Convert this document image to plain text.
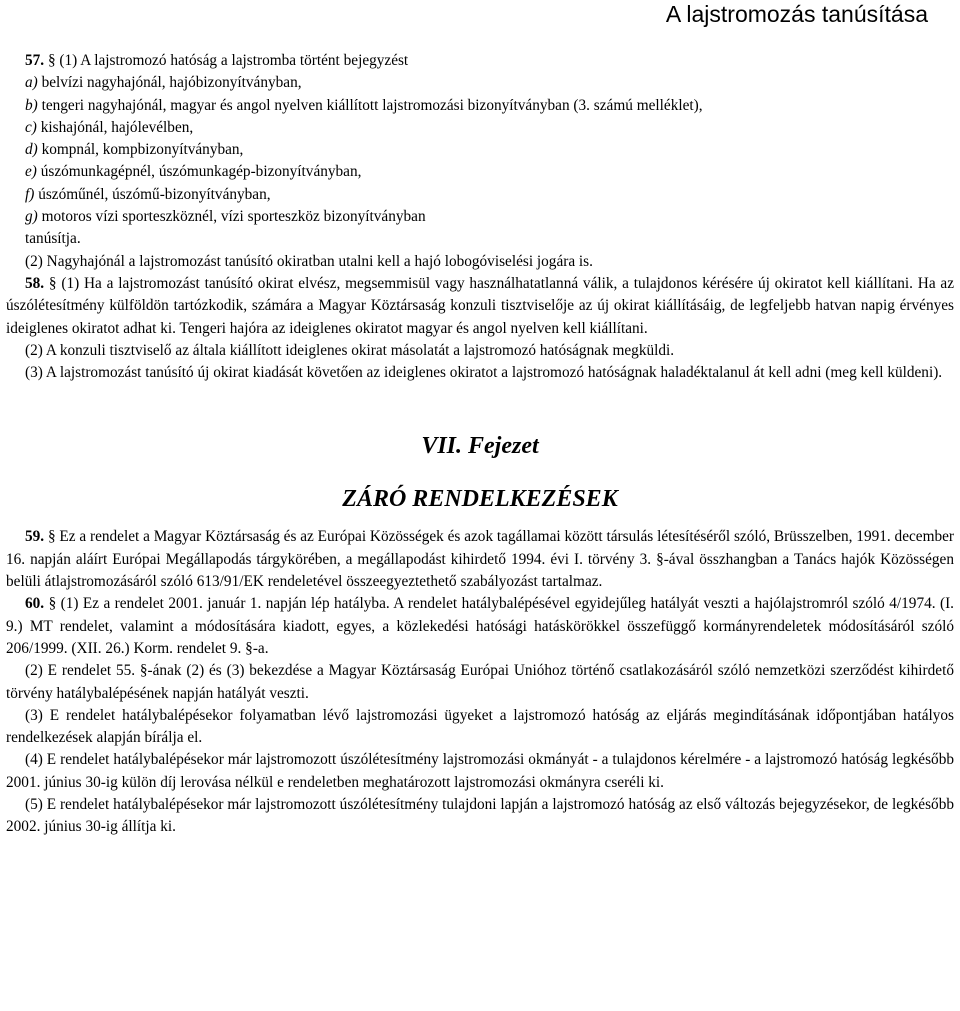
A lajstromozás tanúsítása

57. § (1) A lajstromozó hatóság a lajstromba történt bejegyzést

a) belvízi nagyhajónál, hajóbizonyítványban,

b) tengeri nagyhajónál, magyar és angol nyelven kiállított lajstromozási bizonyítványban (3. számú melléklet),

c) kishajónál, hajólevélben,

d) kompnál, kompbizonyítványban,

e) úszómunkagépnél, úszómunkagép-bizonyítványban,

f) úszóműnél, úszómű-bizonyítványban,

g) motoros vízi sporteszköznél, vízi sporteszköz bizonyítványban

tanúsítja.

(2) Nagyhajónál a lajstromozást tanúsító okiratban utalni kell a hajó lobogóviselési jogára is.

58. § (1) Ha a lajstromozást tanúsító okirat elvész, megsemmisül vagy használhatatlanná válik, a tulajdonos kérésére új okiratot kell kiállítani. Ha az úszólétesítmény külföldön tartózkodik, számára a Magyar Köztársaság konzuli tisztviselője az új okirat kiállításáig, de legfeljebb hatvan napig érvényes ideiglenes okiratot adhat ki. Tengeri hajóra az ideiglenes okiratot magyar és angol nyelven kell kiállítani.

(2) A konzuli tisztviselő az általa kiállított ideiglenes okirat másolatát a lajstromozó hatóságnak megküldi.

(3) A lajstromozást tanúsító új okirat kiadását követően az ideiglenes okiratot a lajstromozó hatóságnak haladéktalanul át kell adni (meg kell küldeni).

VII. Fejezet

ZÁRÓ RENDELKEZÉSEK

59. § Ez a rendelet a Magyar Köztársaság és az Európai Közösségek és azok tagállamai között társulás létesítéséről szóló, Brüsszelben, 1991. december 16. napján aláírt Európai Megállapodás tárgykörében, a megállapodást kihirdető 1994. évi I. törvény 3. §-ával összhangban a Tanács hajók Közösségen belüli átlajstromozásáról szóló 613/91/EK rendeletével összeegyeztethető szabályozást tartalmaz.

60. § (1) Ez a rendelet 2001. január 1. napján lép hatályba. A rendelet hatálybalépésével egyidejűleg hatályát veszti a hajólajstromról szóló 4/1974. (I. 9.) MT rendelet, valamint a módosítására kiadott, egyes, a közlekedési hatósági hatáskörökkel összefüggő kormányrendeletek módosításáról szóló 206/1999. (XII. 26.) Korm. rendelet 9. §-a.

(2) E rendelet 55. §-ának (2) és (3) bekezdése a Magyar Köztársaság Európai Unióhoz történő csatlakozásáról szóló nemzetközi szerződést kihirdető törvény hatálybalépésének napján hatályát veszti.

(3) E rendelet hatálybalépésekor folyamatban lévő lajstromozási ügyeket a lajstromozó hatóság az eljárás megindításának időpontjában hatályos rendelkezések alapján bírálja el.

(4) E rendelet hatálybalépésekor már lajstromozott úszólétesítmény lajstromozási okmányát - a tulajdonos kérelmére - a lajstromozó hatóság legkésőbb 2001. június 30-ig külön díj lerovása nélkül e rendeletben meghatározott lajstromozási okmányra cseréli ki.

(5) E rendelet hatálybalépésekor már lajstromozott úszólétesítmény tulajdoni lapján a lajstromozó hatóság az első változás bejegyzésekor, de legkésőbb 2002. június 30-ig állítja ki.
